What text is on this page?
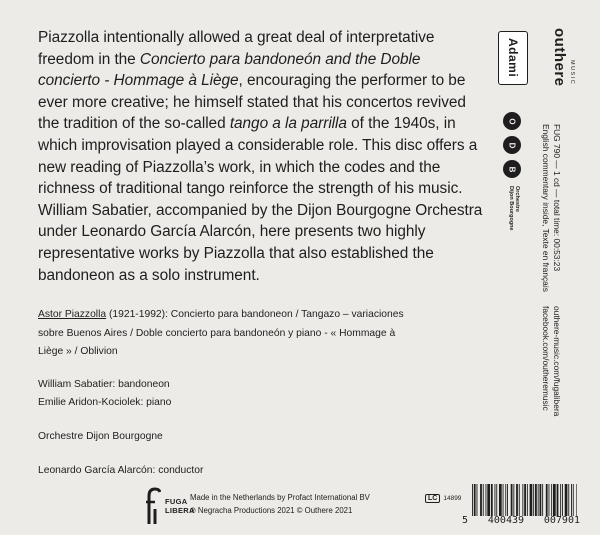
Piazzolla intentionally allowed a great deal of interpretative freedom in the Concierto para bandoneón and the Doble concierto - Hommage à Liège, encouraging the performer to be ever more creative; he himself stated that his concertos revived the tradition of the so-called tango a la parrilla of the 1940s, in which improvisation played a considerable role. This disc offers a new reading of Piazzolla’s work, in which the codes and the richness of traditional tango reinforce the strength of his music. William Sabatier, accompanied by the Dijon Bourgogne Orchestra under Leonardo García Alarcón, here presents two highly representative works by Piazzolla that also established the bandoneon as a solo instrument.

Astor Piazzolla (1921-1992): Concierto para bandoneon / Tangazo – variaciones sobre Buenos Aires / Doble concierto para bandoneón y piano - « Hommage à Liège » / Oblivion

William Sabatier: bandoneon
Emilie Aridon-Kociolek: piano

Orchestre Dijon Bourgogne

Leonardo García Alarcón: conductor

FUGA
LIBERA
Made in the Netherlands by Profact International BV
℗ Negracha Productions 2021 © Outhere 2021
LC 14899
5 400439 007901
Adami
O
D
B
Orchestre
Dijon Bourgogne	FUG 790 — 1 cd — total time: 00:53:23
English commentary inside, Texte en français
outhere-music.com/fugalibera
facebook.com/outheremusic
outhere MUSIC
